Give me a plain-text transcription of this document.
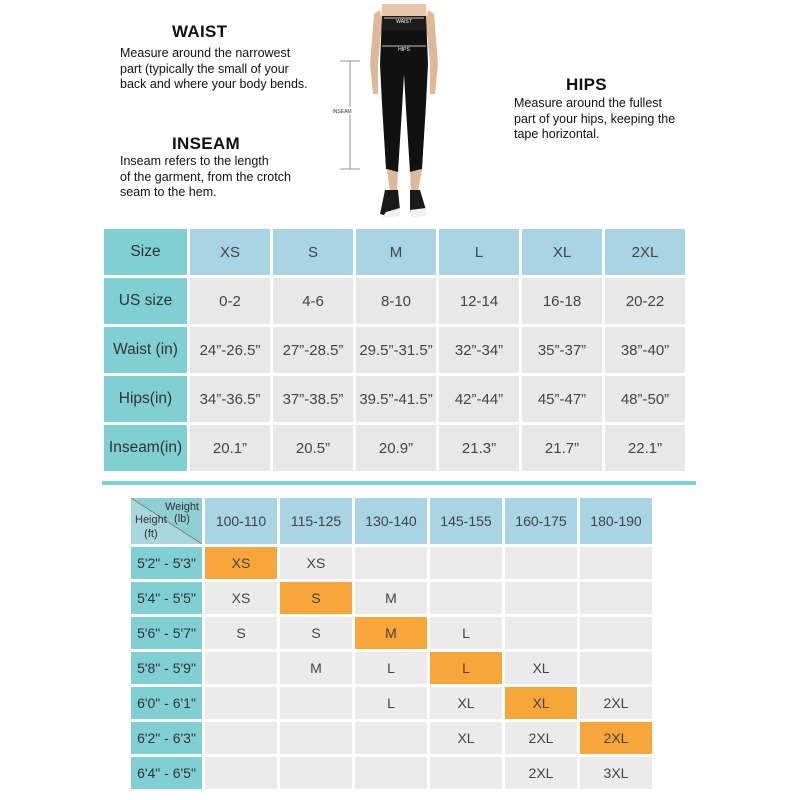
WAIST
Measure around the narrowest
part (typically the small of your
back and where your body bends.
INSEAM
Inseam refers to the length
of the garment, from the crotch
seam to the hem.
HIPS
Measure around the fullest
part of your hips, keeping the
tape horizontal.
WAIST
HIPS
INSEAM
Size	XS	S	M	L	XL	2XL
US size	0-2	4-6	8-10	12-14	16-18	20-22
Waist (in)	24”-26.5”	27”-28.5”	29.5”-31.5”	32”-34”	35”-37”	38”-40”
Hips(in)	34”-36.5”	37”-38.5”	39.5”-41.5”	42”-44”	45”-47”	48”-50”
Inseam(in)	20.1”	20.5”	20.9”	21.3”	21.7”	22.1”
Weight
(lb)
Height
(ft)	100-110	115-125	130-140	145-155	160-175	180-190
5'2" - 5'3"	XS	XS				
5'4" - 5'5"	XS	S	M			
5'6" - 5'7"	S	S	M	L		
5'8" - 5'9"		M	L	L	XL	
6'0" - 6'1"			L	XL	XL	2XL
6'2" - 6'3"				XL	2XL	2XL
6'4" - 6'5"					2XL	3XL
